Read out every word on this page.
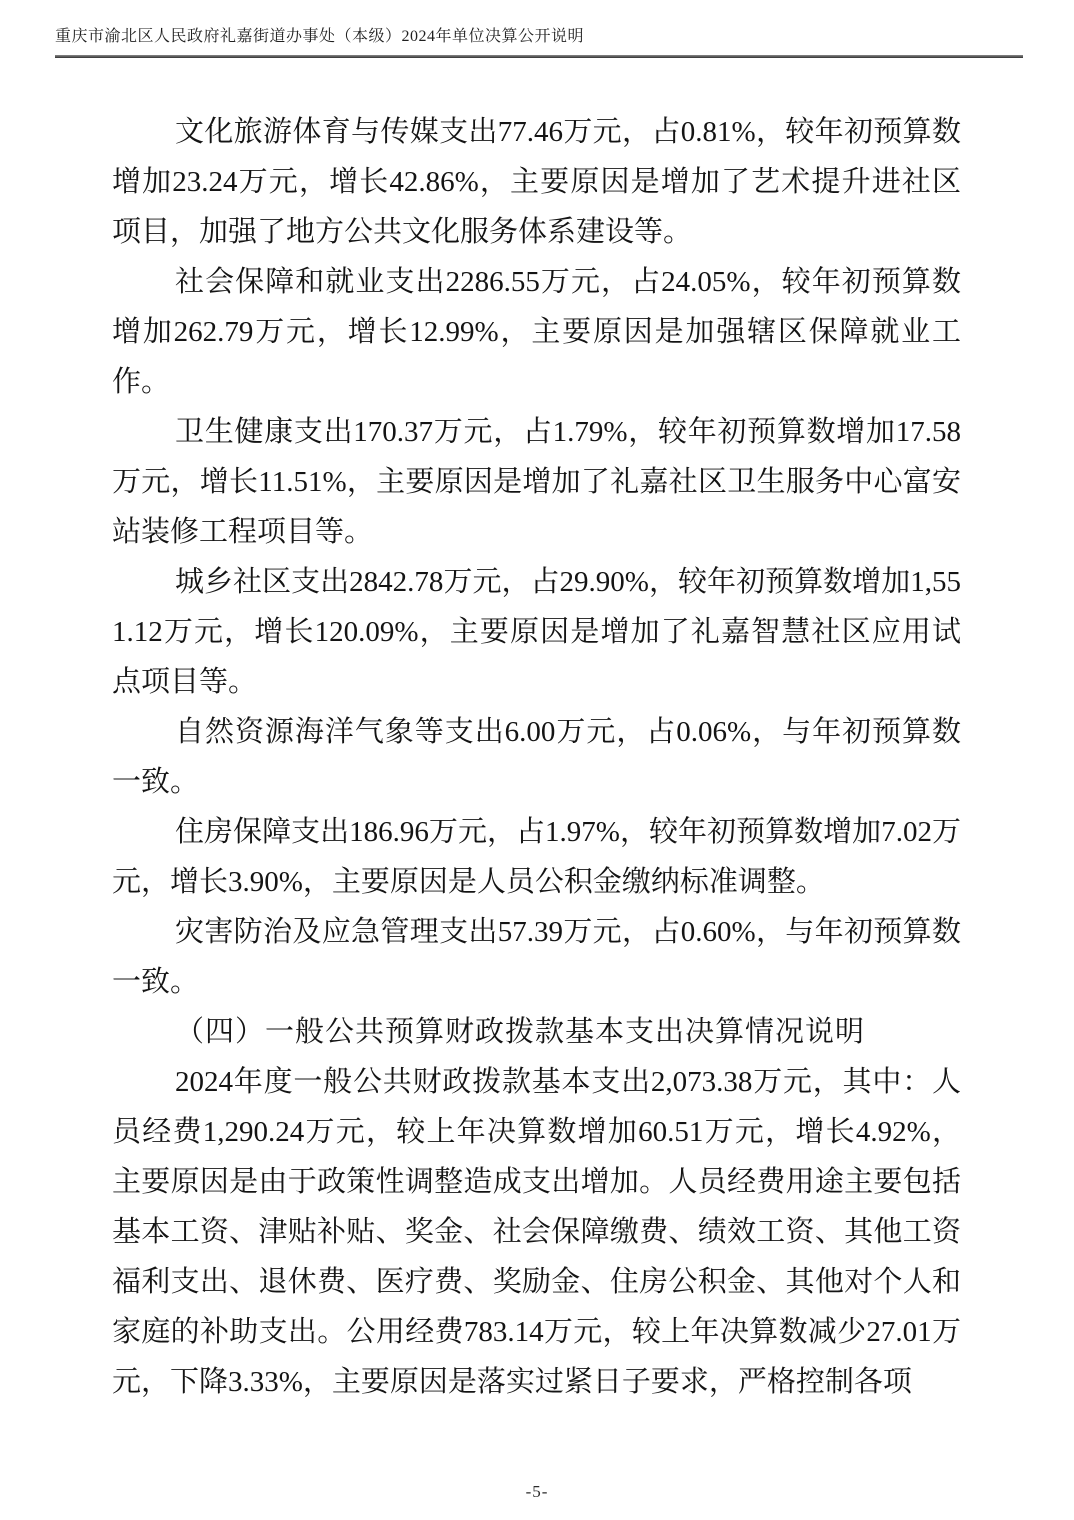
重庆市渝北区人民政府礼嘉街道办事处（本级）2024年单位决算公开说明

文化旅游体育与传媒支出77.46万元，占0.81%，较年初预算数增加23.24万元，增长42.86%，主要原因是增加了艺术提升进社区项目，加强了地方公共文化服务体系建设等。

社会保障和就业支出2286.55万元，占24.05%，较年初预算数增加262.79万元，增长12.99%，主要原因是加强辖区保障就业工作。

卫生健康支出170.37万元，占1.79%，较年初预算数增加17.58万元，增长11.51%，主要原因是增加了礼嘉社区卫生服务中心富安站装修工程项目等。

城乡社区支出2842.78万元，占29.90%，较年初预算数增加1,551.12万元，增长120.09%，主要原因是增加了礼嘉智慧社区应用试点项目等。

自然资源海洋气象等支出6.00万元，占0.06%，与年初预算数一致。

住房保障支出186.96万元，占1.97%，较年初预算数增加7.02万元，增长3.90%，主要原因是人员公积金缴纳标准调整。

灾害防治及应急管理支出57.39万元，占0.60%，与年初预算数一致。

（四）一般公共预算财政拨款基本支出决算情况说明

2024年度一般公共财政拨款基本支出2,073.38万元，其中：人员经费1,290.24万元，较上年决算数增加60.51万元，增长4.92%，主要原因是由于政策性调整造成支出增加。人员经费用途主要包括基本工资、津贴补贴、奖金、社会保障缴费、绩效工资、其他工资福利支出、退休费、医疗费、奖励金、住房公积金、其他对个人和家庭的补助支出。公用经费783.14万元，较上年决算数减少27.01万元，下降3.33%，主要原因是落实过紧日子要求，严格控制各项

-5-
